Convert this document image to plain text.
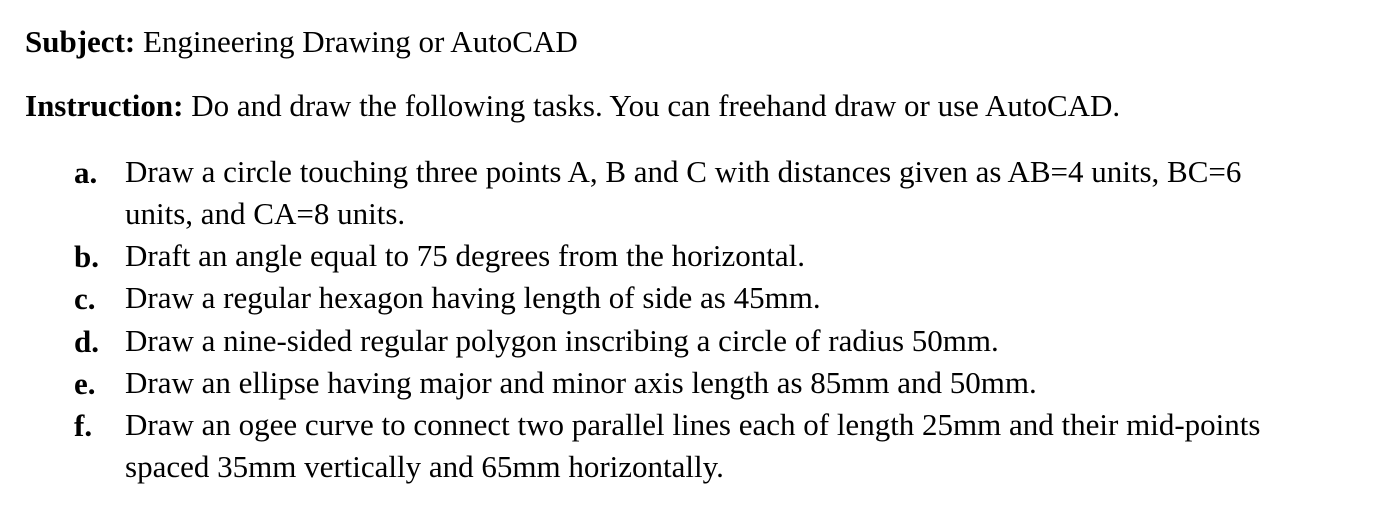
Subject: Engineering Drawing or AutoCAD
Instruction: Do and draw the following tasks. You can freehand draw or use AutoCAD.
a. Draw a circle touching three points A, B and C with distances given as AB=4 units, BC=6
units, and CA=8 units.
b. Draft an angle equal to 75 degrees from the horizontal.
c. Draw a regular hexagon having length of side as 45mm.
d. Draw a nine-sided regular polygon inscribing a circle of radius 50mm.
e. Draw an ellipse having major and minor axis length as 85mm and 50mm.
f. Draw an ogee curve to connect two parallel lines each of length 25mm and their mid-points
spaced 35mm vertically and 65mm horizontally.
